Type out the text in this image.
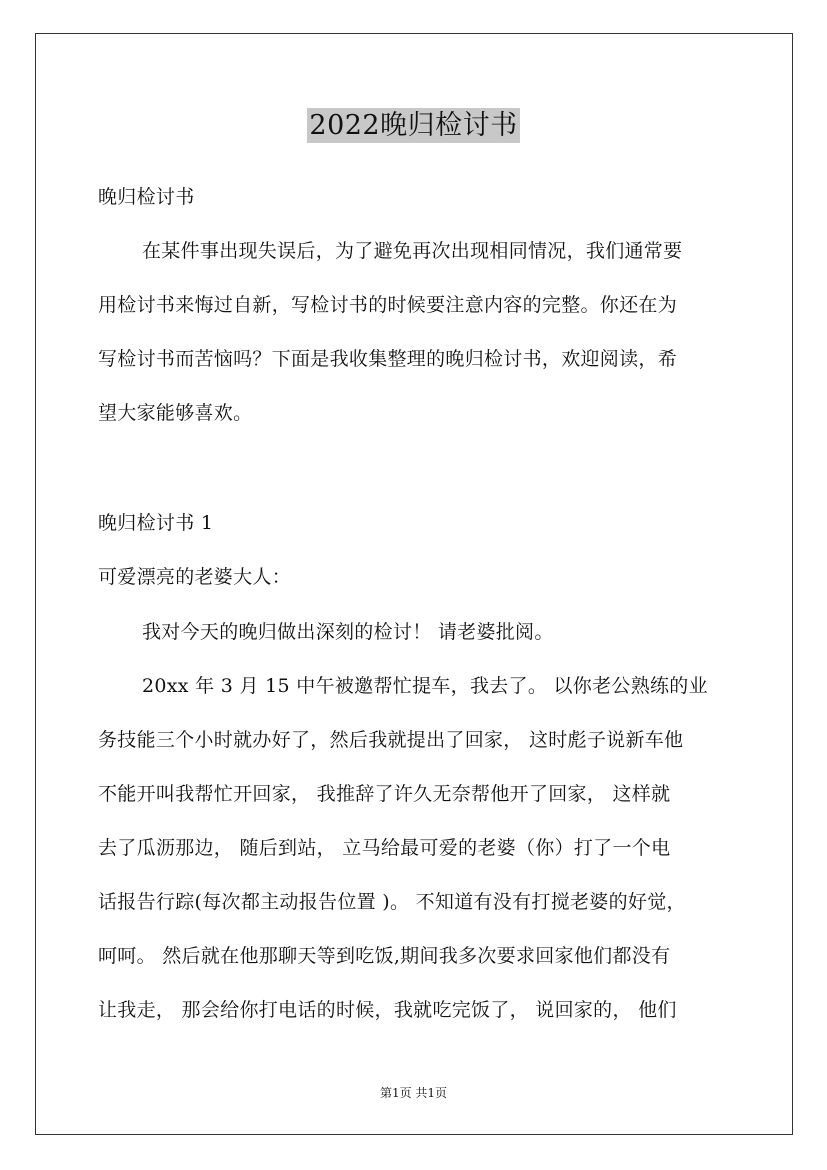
2022晚归检讨书
晚归检讨书
在某件事出现失误后，为了避免再次出现相同情况，我们通常要
用检讨书来悔过自新，写检讨书的时候要注意内容的完整。你还在为
写检讨书而苦恼吗？下面是我收集整理的晚归检讨书，欢迎阅读，希
望大家能够喜欢。
晚归检讨书 1
可爱漂亮的老婆大人：
我对今天的晚归做出深刻的检讨！ 请老婆批阅。
20xx 年 3 月 15 中午被邀帮忙提车，我去了。 以你老公熟练的业
务技能三个小时就办好了，然后我就提出了回家， 这时彪子说新车他
不能开叫我帮忙开回家， 我推辞了许久无奈帮他开了回家， 这样就
去了瓜沥那边， 随后到站， 立马给最可爱的老婆（你）打了一个电
话报告行踪(每次都主动报告位置 )。 不知道有没有打搅老婆的好觉，
呵呵。 然后就在他那聊天等到吃饭,期间我多次要求回家他们都没有
让我走， 那会给你打电话的时候，我就吃完饭了， 说回家的， 他们
第1页 共1页
